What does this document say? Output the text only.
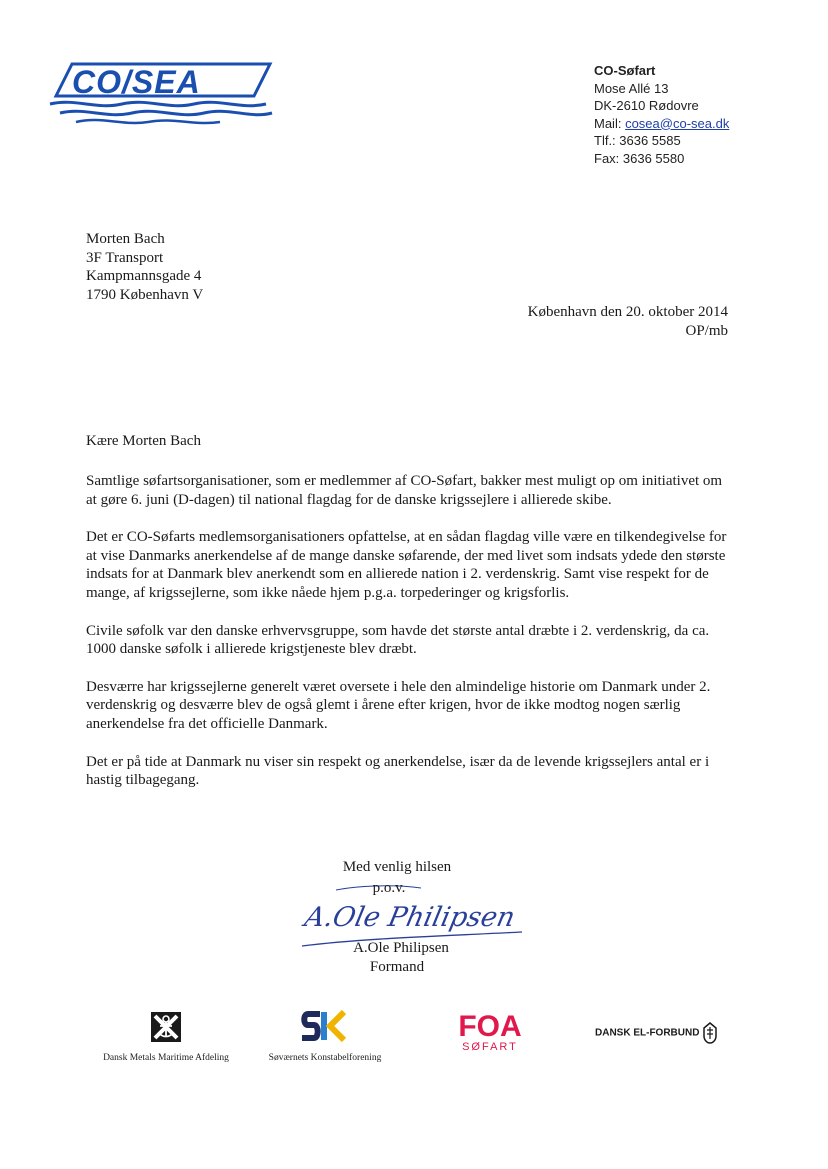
CO/SEA	CO-Søfart
Mose Allé 13
DK-2610 Rødovre
Mail: cosea@co-sea.dk
Tlf.: 3636 5585
Fax: 3636 5580
Morten Bach
3F Transport
Kampmannsgade 4
1790 København V
København den 20. oktober 2014
OP/mb
Kære Morten Bach

Samtlige søfartsorganisationer, som er medlemmer af CO-Søfart, bakker mest muligt op om initiativet om at gøre 6. juni (D-dagen) til national flagdag for de danske krigssejlere i allierede skibe.

Det er CO-Søfarts medlemsorganisationers opfattelse, at en sådan flagdag ville være en tilkendegivelse for at vise Danmarks anerkendelse af de mange danske søfarende, der med livet som indsats ydede den største indsats for at Danmark blev anerkendt som en allierede nation i 2. verdenskrig. Samt vise respekt for de mange, af krigssejlerne, som ikke nåede hjem p.g.a. torpederinger og krigsforlis.

Civile søfolk var den danske erhvervsgruppe, som havde det største antal dræbte i 2. verdenskrig, da ca. 1000 danske søfolk i allierede krigstjeneste blev dræbt.

Desværre har krigssejlerne generelt været oversete i hele den almindelige historie om Danmark under 2. verdenskrig og desværre blev de også glemt i årene efter krigen, hvor de ikke modtog nogen særlig anerkendelse fra det officielle Danmark.

Det er på tide at Danmark nu viser sin respekt og anerkendelse, især da de levende krigssejlers antal er i hastig tilbagegang.

A.Ole Philipsen
Med venlig hilsen
p.o.v.
A.Ole Philipsen
Formand
Dansk Metals Maritime Afdeling	Søværnets Konstabelforening
FOA
SØFART
DANSK EL-FORBUND
